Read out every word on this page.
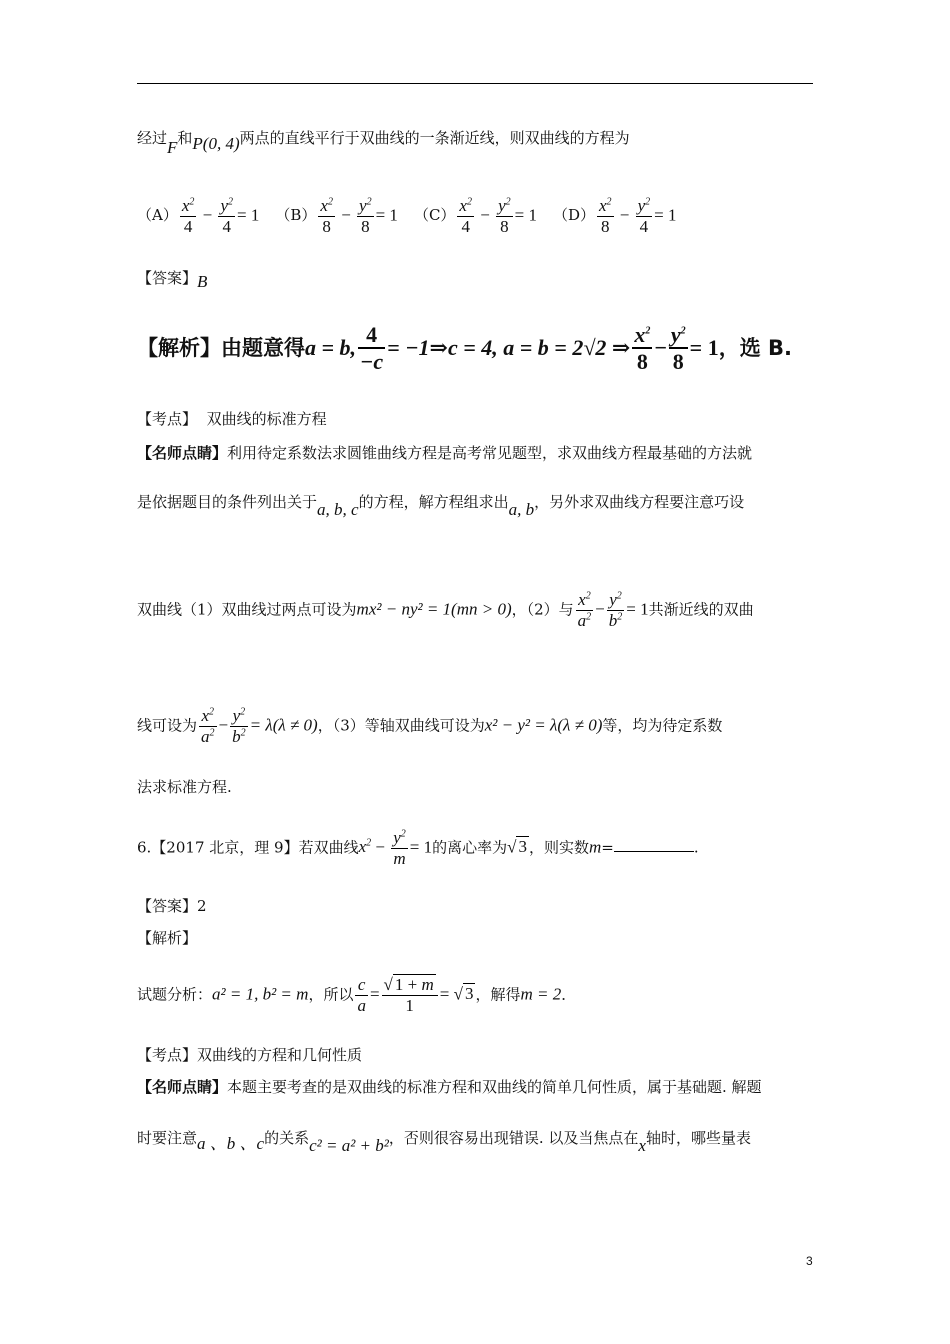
经过F和P(0, 4)两点的直线平行于双曲线的一条渐近线，则双曲线的方程为
$(A) \frac{x^2}{4} - \frac{y^2}{4} = 1$ $(B) \frac{x^2}{8} - \frac{y^2}{8} = 1$ $(C) \frac{x^2}{4} - \frac{y^2}{8} = 1$ $(D) \frac{x^2}{8} - \frac{y^2}{4} = 1$
【答案】B
【解析】由题意得a = b, $\frac{4}{-c}$ = −1⇒c = 4, a = b = 2√2 ⇒ $\frac{x^2}{8} - \frac{y^2}{8} = 1$，选 B.
【考点】 双曲线的标准方程
【名师点睛】利用待定系数法求圆锥曲线方程是高考常见题型，求双曲线方程最基础的方法就
是依据题目的条件列出关于a, b, c的方程，解方程组求出a, b，另外求双曲线方程要注意巧设
双曲线（1）双曲线过两点可设为mx² − ny² = 1(mn > 0)，（2）与 $\frac{x^2}{a^2} - \frac{y^2}{b^2} = 1$共渐近线的双曲
线可设为 $\frac{x^2}{a^2} - \frac{y^2}{b^2} = \lambda(\lambda \ne 0)$，（3）等轴双曲线可设为x² − y² = λ(λ ≠ 0)等，均为待定系数
法求标准方程.
6.【2017 北京，理 9】若双曲线$x^2 - \frac{y^2}{m} = 1$的离心率为√ 3 ，则实数m=	.
【答案】2
【解析】
试题分析：a² = 1, b² = m，所以 $\frac{c}{a} = \frac{√ 1 + m}{1}$ = √ 3 ，解得m = 2．
【考点】双曲线的方程和几何性质
【名师点睛】本题主要考查的是双曲线的标准方程和双曲线的简单几何性质，属于基础题. 解题
时要注意a 、b 、c的关系c² = a² + b²，否则很容易出现错误. 以及当焦点在x轴时，哪些量表
3
